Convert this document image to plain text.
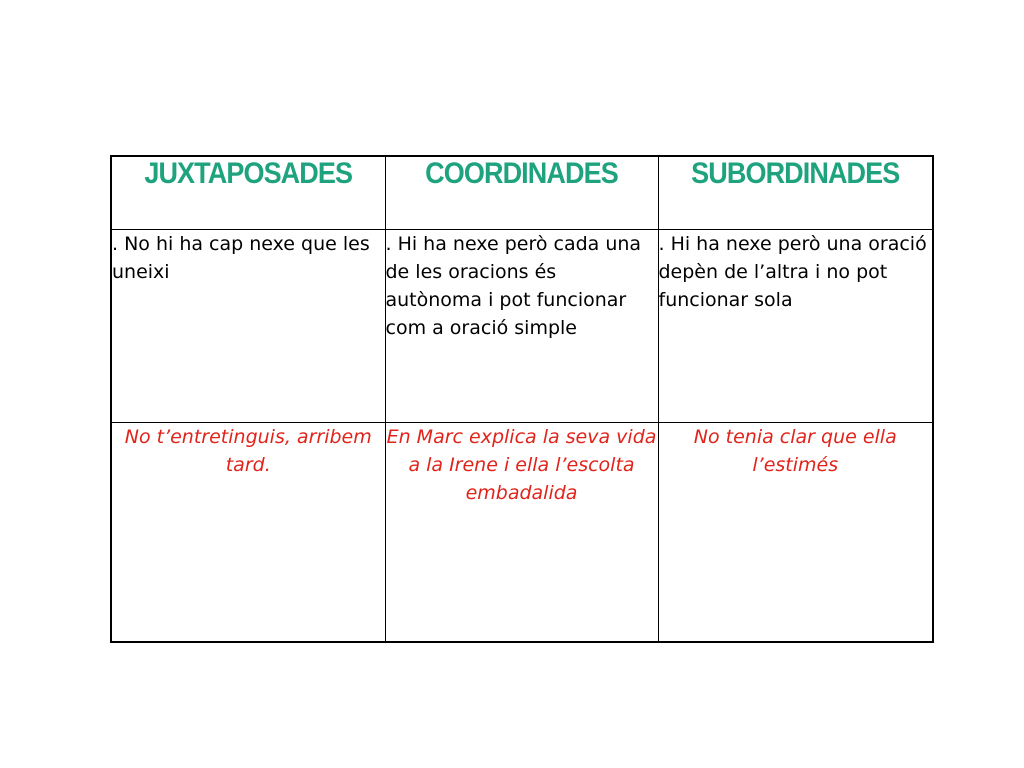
JUXTAPOSADES	COORDINADES	SUBORDINADES
. No hi ha cap nexe que les uneixi	. Hi ha nexe però cada una de les oracions és autònoma i pot funcionar com a oració simple	. Hi ha nexe però una oració depèn de l’altra i no pot funcionar sola
No t’entretinguis, arribem tard.	En Marc explica la seva vida a la Irene i ella l’escolta embadalida	No tenia clar que ella l’estimés
